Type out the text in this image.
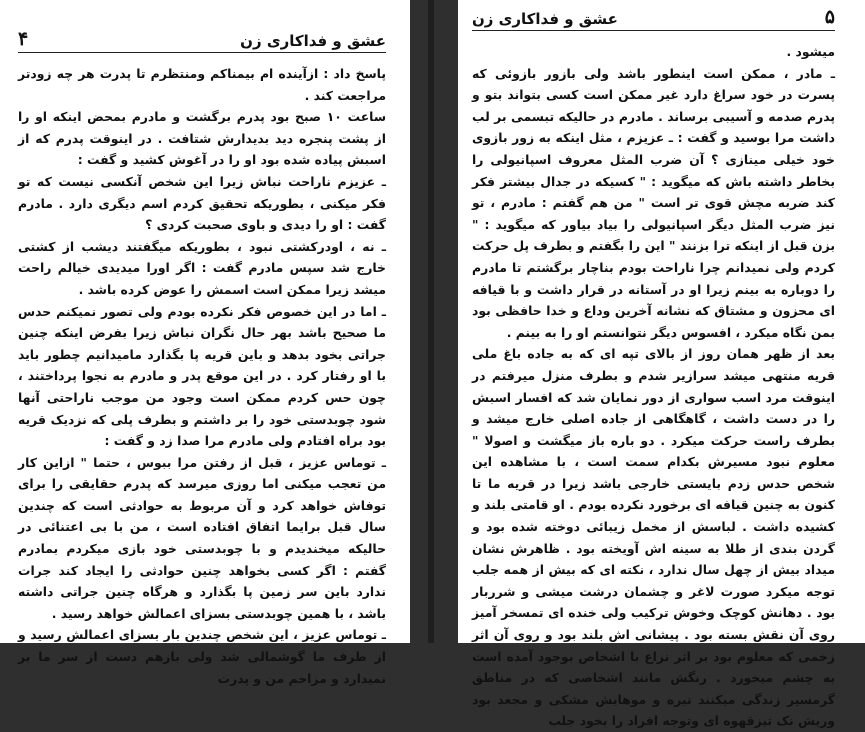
عشق و فداکاری زن
۴

پاسخ داد : ازآینده ام بیمناکم ومنتظرم تا پدرت هر چه زودتر مراجعت کند .

ساعت ۱۰ صبح بود پدرم برگشت و مادرم بمحض اینکه او را از پشت پنجره دید بدیدارش شتافت . در اینوقت پدرم که از اسبش پیاده شده بود او را در آغوش کشید و گفت :

ـ عزیزم ناراحت نباش زیرا این شخص آنکسی نیست که تو فکر میکنی ، بطوریکه تحقیق کردم اسم دیگری دارد . مادرم گفت : او را دیدی و باوی صحبت کردی ؟

ـ نه ، اودرکشتی نبود ، بطوریکه میگفتند دیشب از کشتی خارج شد سپس مادرم گفت : اگر اورا میدیدی خیالم راحت میشد زیرا ممکن است اسمش را عوض کرده باشد .

ـ اما در این خصوص فکر نکرده بودم ولی تصور نمیکنم حدس ما صحیح باشد بهر حال نگران نباش زیرا بفرض اینکه چنین جراتی بخود بدهد و باین قریه پا بگذارد مامیدانیم چطور باید با او رفتار کرد . در این موقع پدر و مادرم به نجوا پرداختند ، چون حس کردم ممکن است وجود من موجب ناراحتی آنها شود چوبدستی خود را بر داشتم و بطرف پلی که نزدیک قریه بود براه افتادم ولی مادرم مرا صدا زد و گفت :

ـ توماس عزیز ، قبل از رفتن مرا ببوس ، حتما " ازاین کار من تعجب میکنی اما روزی میرسد که پدرم حقایقی را برای توفاش خواهد کرد و آن مربوط به حوادثی است که چندین سال قبل برایما اتفاق افتاده است ، من با بی اعتنائی در حالیکه میخندیدم و با چوبدستی خود بازی میکردم بمادرم گفتم : اگر کسی بخواهد چنین حوادثی را ایجاد کند جرات ندارد باین سر زمین پا بگذارد و هرگاه چنین جراتی داشته باشد ، با همین چوبدستی بسزای اعمالش خواهد رسید .

ـ توماس عزیز ، این شخص چندین بار بسزای اعمالش رسید و از طرف ما گوشمالی شد ولی بازهم دست از سر ما بر نمیدارد و مزاحم من و پدرت

۵
عشق و فداکاری زن

میشود .

ـ مادر ، ممکن است اینطور باشد ولی بازور بازوئی که پسرت در خود سراغ دارد غیر ممکن است کسی بتواند بتو و پدرم صدمه و آسیبی برساند . مادرم در حالیکه تبسمی بر لب داشت مرا بوسید و گفت : ـ عزیزم ، مثل اینکه به زور بازوی خود خیلی مینازی ؟ آن ضرب المثل معروف اسپانیولی را بخاطر داشته باش که میگوید : " کسیکه در جدال بیشتر فکر کند ضربه مچش قوی تر است " من هم گفتم : مادرم ، تو نیز ضرب المثل دیگر اسپانیولی را بیاد بیاور که میگوید : " بزن قبل از اینکه ترا بزنند " این را بگفتم و بطرف پل حرکت کردم ولی نمیدانم چرا ناراحت بودم بناچار برگشتم تا مادرم را دوباره به بینم زیرا او در آستانه در قرار داشت و با قیافه ای محزون و مشتاق که نشانه آخرین وداع و خدا حافظی بود بمن نگاه میکرد ، افسوس دیگر نتوانستم او را به بینم .

بعد از ظهر همان روز از بالای تپه ای که به جاده باغ ملی قریه منتهی میشد سرازیر شدم و بطرف منزل میرفتم در اینوقت مرد اسب سواری از دور نمایان شد که افسار اسبش را در دست داشت ، گاهگاهی از جاده اصلی خارج میشد و بطرف راست حرکت میکرد . دو باره باز میگشت و اصولا " معلوم نبود مسیرش بکدام سمت است ، با مشاهده این شخص حدس زدم بایستی خارجی باشد زیرا در قریه ما تا کنون به چنین قیافه ای برخورد نکرده بودم . او قامتی بلند و کشیده داشت . لباسش از مخمل زیبائی دوخته شده بود و گردن بندی از طلا به سینه اش آویخته بود . ظاهرش نشان میداد بیش از چهل سال ندارد ، نکته ای که بیش از همه جلب توجه میکرد صورت لاغر و چشمان درشت میشی و شرربار بود . دهانش کوچک وخوش ترکیب ولی خنده ای تمسخر آمیز روی آن نقش بسته بود . پیشانی اش بلند بود و روی آن اثر زخمی که معلوم بود بر اثر نزاع با اشخاص بوجود آمده است به چشم میخورد . رنگش مانند اشخاصی که در مناطق گرمسیر زندگی میکنند تیره و موهایش مشکی و مجعد بود وریش نک تیزقهوه ای وتوجه افراد را بخود جلب
